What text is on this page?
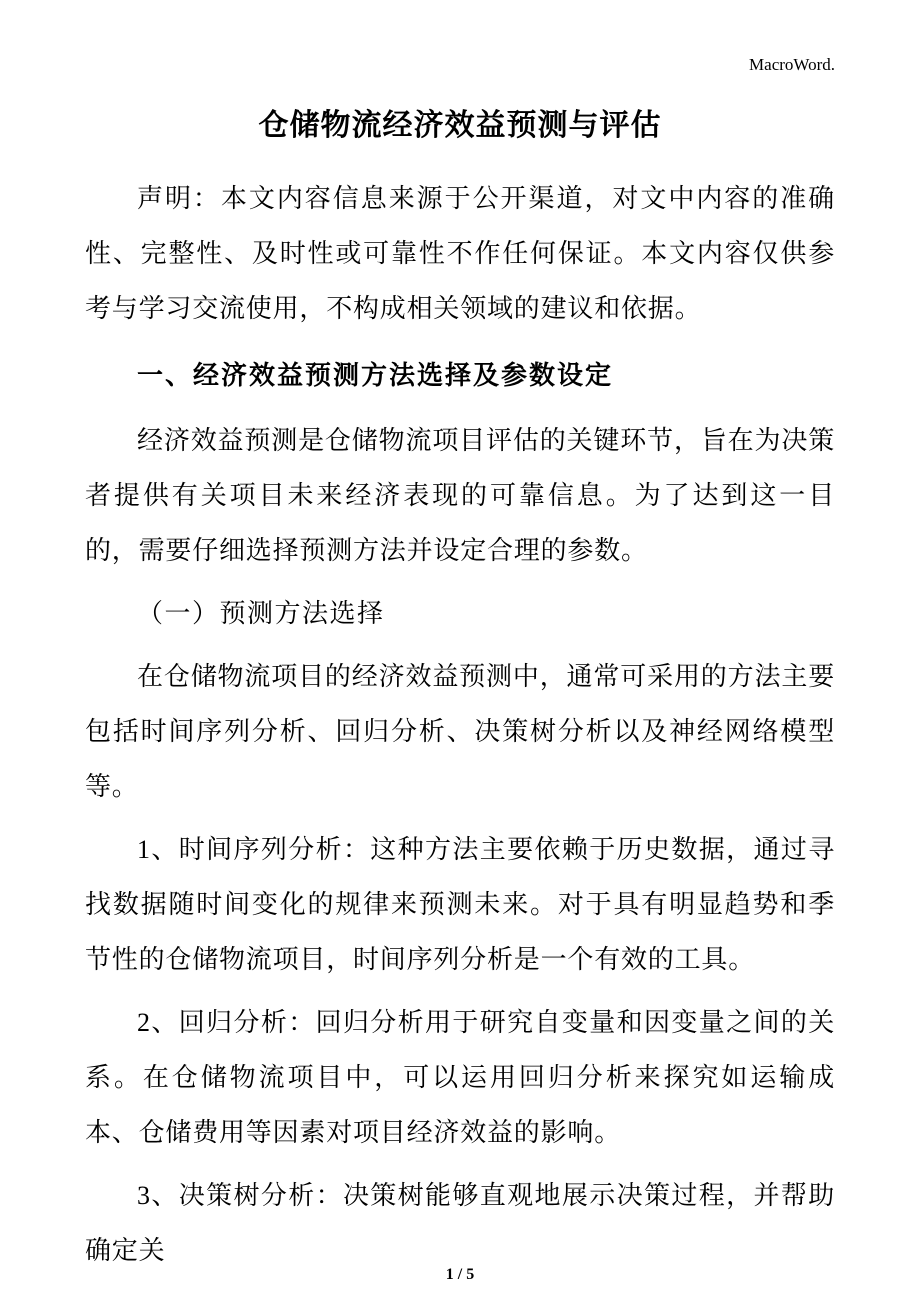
MacroWord.
仓储物流经济效益预测与评估

声明：本文内容信息来源于公开渠道，对文中内容的准确性、完整性、及时性或可靠性不作任何保证。本文内容仅供参考与学习交流使用，不构成相关领域的建议和依据。

一、经济效益预测方法选择及参数设定

经济效益预测是仓储物流项目评估的关键环节，旨在为决策者提供有关项目未来经济表现的可靠信息。为了达到这一目的，需要仔细选择预测方法并设定合理的参数。

（一）预测方法选择

在仓储物流项目的经济效益预测中，通常可采用的方法主要包括时间序列分析、回归分析、决策树分析以及神经网络模型等。

1、时间序列分析：这种方法主要依赖于历史数据，通过寻找数据随时间变化的规律来预测未来。对于具有明显趋势和季节性的仓储物流项目，时间序列分析是一个有效的工具。

2、回归分析：回归分析用于研究自变量和因变量之间的关系。在仓储物流项目中，可以运用回归分析来探究如运输成本、仓储费用等因素对项目经济效益的影响。

3、决策树分析：决策树能够直观地展示决策过程，并帮助确定关

1 / 5
